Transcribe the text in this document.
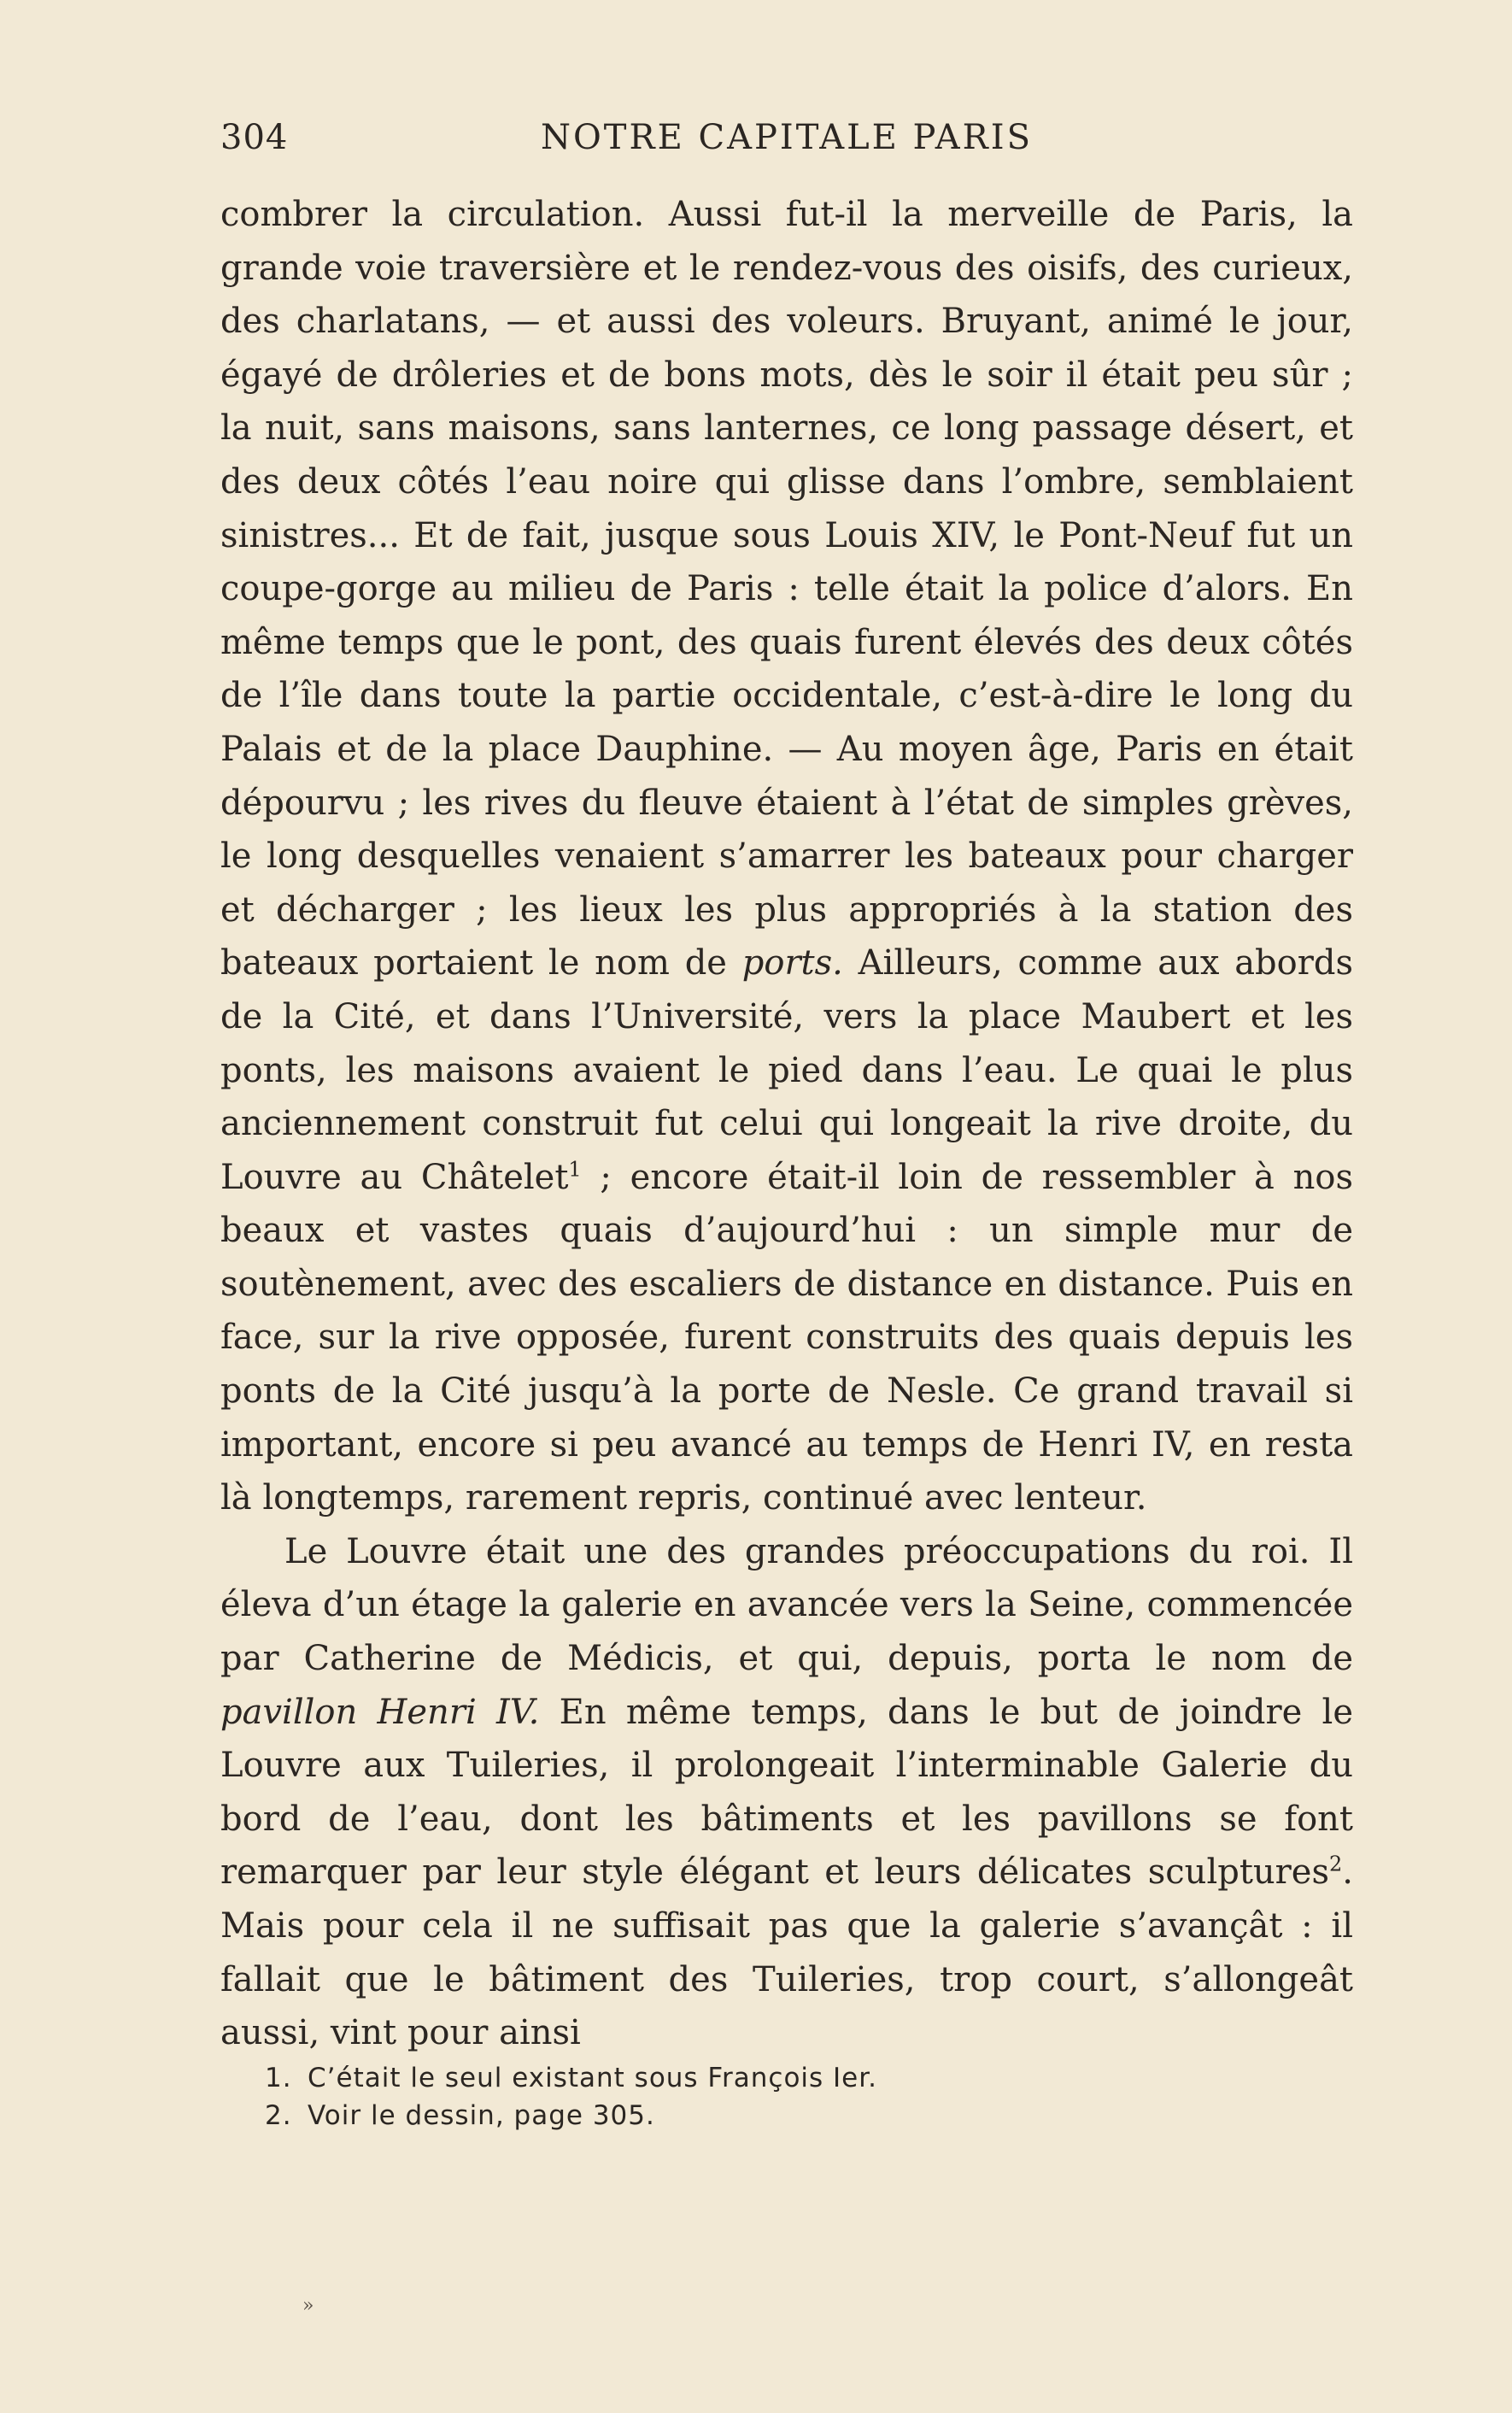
304	NOTRE CAPITALE PARIS

combrer la circulation. Aussi fut-il la merveille de Paris, la grande voie traversière et le rendez-vous des oisifs, des curieux, des charlatans, — et aussi des voleurs. Bruyant, animé le jour, égayé de drôleries et de bons mots, dès le soir il était peu sûr ; la nuit, sans maisons, sans lanternes, ce long passage désert, et des deux côtés l’eau noire qui glisse dans l’ombre, semblaient sinistres... Et de fait, jusque sous Louis XIV, le Pont-Neuf fut un coupe-gorge au milieu de Paris : telle était la police d’alors. En même temps que le pont, des quais furent élevés des deux côtés de l’île dans toute la partie occidentale, c’est-à-dire le long du Palais et de la place Dauphine. — Au moyen âge, Paris en était dépourvu ; les rives du fleuve étaient à l’état de simples grèves, le long desquelles venaient s’amarrer les bateaux pour charger et décharger ; les lieux les plus appropriés à la station des bateaux portaient le nom de ports. Ailleurs, comme aux abords de la Cité, et dans l’Université, vers la place Maubert et les ponts, les maisons avaient le pied dans l’eau. Le quai le plus anciennement construit fut celui qui longeait la rive droite, du Louvre au Châtelet$^1$ ; encore était-il loin de ressembler à nos beaux et vastes quais d’aujourd’hui : un simple mur de soutènement, avec des escaliers de distance en distance. Puis en face, sur la rive opposée, furent construits des quais depuis les ponts de la Cité jusqu’à la porte de Nesle. Ce grand travail si important, encore si peu avancé au temps de Henri IV, en resta là longtemps, rarement repris, continué avec lenteur.

Le Louvre était une des grandes préoccupations du roi. Il éleva d’un étage la galerie en avancée vers la Seine, commencée par Catherine de Médicis, et qui, depuis, porta le nom de pavillon Henri IV. En même temps, dans le but de joindre le Louvre aux Tuileries, il prolongeait l’interminable Galerie du bord de l’eau, dont les bâtiments et les pavillons se font remarquer par leur style élégant et leurs délicates sculptures$^2$. Mais pour cela il ne suffisait pas que la galerie s’avançât : il fallait que le bâtiment des Tuileries, trop court, s’allongeât aussi, vint pour ainsi

1. C’était le seul existant sous François Ier.

2. Voir le dessin, page 305.

»
